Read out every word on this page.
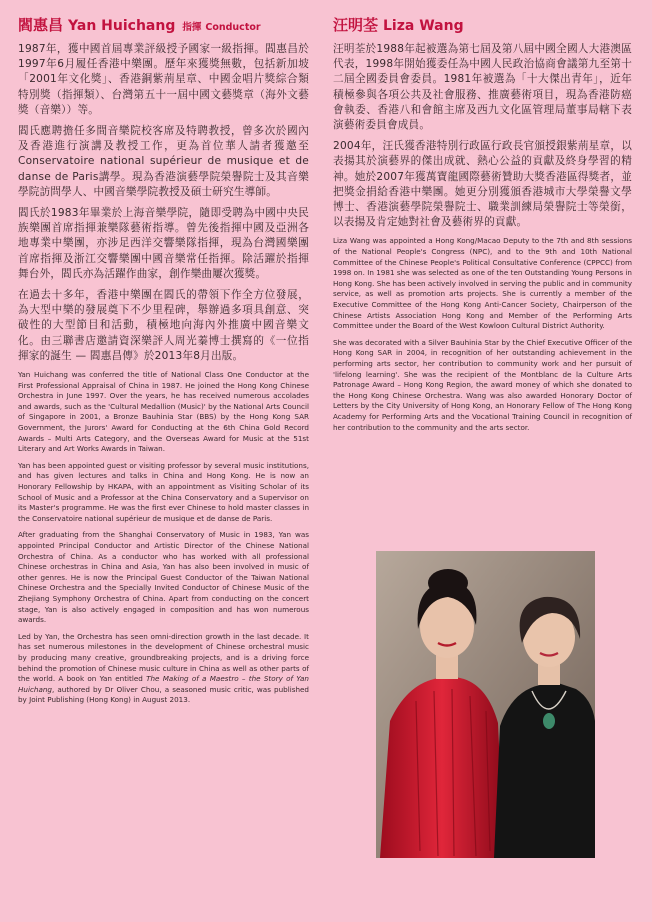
閻惠昌 Yan Huichang 指揮 Conductor

1987年，獲中國首屆專業評級授予國家一級指揮。閻惠昌於1997年6月履任香港中樂團。歷年來獲獎無數，包括新加坡「2001年文化獎」、香港銅紫荊星章、中國金唱片獎綜合類特別獎（指揮類）、台灣第五十一屆中國文藝獎章（海外文藝獎（音樂））等。

閻氏應聘擔任多間音樂院校客席及特聘教授，曾多次於國內及香港進行演講及教授工作，更為首位華人請者獲邀至Conservatoire national supérieur de musique et de danse de Paris講學。現為香港演藝學院榮譽院士及其音樂學院訪問學人、中國音樂學院教授及碩士研究生導師。

閻氏於1983年畢業於上海音樂學院，隨即受聘為中國中央民族樂團首席指揮兼樂隊藝術指導。曾先後指揮中國及亞洲各地專業中樂團，亦涉足西洋交響樂隊指揮，現為台灣國樂團首席指揮及浙江交響樂團中國音樂常任指揮。除活躍於指揮舞台外，閻氏亦為活躍作曲家，創作樂曲屢次獲獎。

在過去十多年，香港中樂團在閻氏的帶領下作全方位發展，為大型中樂的發展奠下不少里程碑，舉辦過多項具創意、突破性的大型節目和活動，積極地向海內外推廣中國音樂文化。由三聯書店邀請資深樂評人周光蓁博士撰寫的《一位指揮家的誕生 — 閻惠昌傳》於2013年8月出版。

Yan Huichang was conferred the title of National Class One Conductor at the First Professional Appraisal of China in 1987. He joined the Hong Kong Chinese Orchestra in June 1997. Over the years, he has received numerous accolades and awards, such as the 'Cultural Medallion (Music)' by the National Arts Council of Singapore in 2001, a Bronze Bauhinia Star (BBS) by the Hong Kong SAR Government, the Jurors' Award for Conducting at the 6th China Gold Record Awards – Multi Arts Category, and the Overseas Award for Music at the 51st Literary and Art Works Awards in Taiwan.

Yan has been appointed guest or visiting professor by several music institutions, and has given lectures and talks in China and Hong Kong. He is now an Honorary Fellowship by HKAPA, with an appointment as Visiting Scholar of its School of Music and a Professor at the China Conservatory and a Supervisor on its Master's programme. He was the first ever Chinese to hold master classes in the Conservatoire national supérieur de musique et de danse de Paris.

After graduating from the Shanghai Conservatory of Music in 1983, Yan was appointed Principal Conductor and Artistic Director of the Chinese National Orchestra of China. As a conductor who has worked with all professional Chinese orchestras in China and Asia, Yan has also been involved in music of other genres. He is now the Principal Guest Conductor of the Taiwan National Chinese Orchestra and the Specially Invited Conductor of Chinese Music of the Zhejiang Symphony Orchestra of China. Apart from conducting on the concert stage, Yan is also actively engaged in composition and has won numerous awards.

Led by Yan, the Orchestra has seen omni-direction growth in the last decade. It has set numerous milestones in the development of Chinese orchestral music by producing many creative, groundbreaking projects, and is a driving force behind the promotion of Chinese music culture in China as well as other parts of the world. A book on Yan entitled The Making of a Maestro – the Story of Yan Huichang, authored by Dr Oliver Chou, a seasoned music critic, was published by Joint Publishing (Hong Kong) in August 2013.

汪明荃 Liza Wang

汪明荃於1988年起被選為第七屆及第八屆中國全國人大港澳區代表，1998年開始獲委任為中國人民政治協商會議第九至第十二屆全國委員會委員。1981年被選為「十大傑出青年」，近年積極參與各項公共及社會服務、推廣藝術項目，現為香港防癌會執委、香港八和會館主席及西九文化區管理局董事局轄下表演藝術委員會成員。

2004年，汪氏獲香港特別行政區行政長官頒授銀紫荊星章，以表揚其於演藝界的傑出成就、熱心公益的貢獻及終身學習的精神。她於2007年獲萬寶龍國際藝術贊助大獎香港區得獎者，並把獎金捐給香港中樂團。她更分別獲頒香港城市大學榮譽文學博士、香港演藝學院榮譽院士、職業訓練局榮譽院士等榮銜，以表揚及肯定她對社會及藝術界的貢獻。

Liza Wang was appointed a Hong Kong/Macao Deputy to the 7th and 8th sessions of the National People's Congress (NPC), and to the 9th and 10th National Committee of the Chinese People's Political Consultative Conference (CPPCC) from 1998 on. In 1981 she was selected as one of the ten Outstanding Young Persons in Hong Kong. She has been actively involved in serving the public and in community service, as well as promotion arts projects. She is currently a member of the Executive Committee of the Hong Kong Anti-Cancer Society, Chairperson of the Chinese Artists Association Hong Kong and Member of the Performing Arts Committee under the Board of the West Kowloon Cultural District Authority.

She was decorated with a Silver Bauhinia Star by the Chief Executive Officer of the Hong Kong SAR in 2004, in recognition of her outstanding achievement in the performing arts sector, her contribution to community work and her pursuit of 'lifelong learning'. She was the recipient of the Montblanc de la Culture Arts Patronage Award – Hong Kong Region, the award money of which she donated to the Hong Kong Chinese Orchestra. Wang was also awarded Honorary Doctor of Letters by the City University of Hong Kong, an Honorary Fellow of The Hong Kong Academy for Performing Arts and the Vocational Training Council in recognition of her contribution to the community and the arts sector.
